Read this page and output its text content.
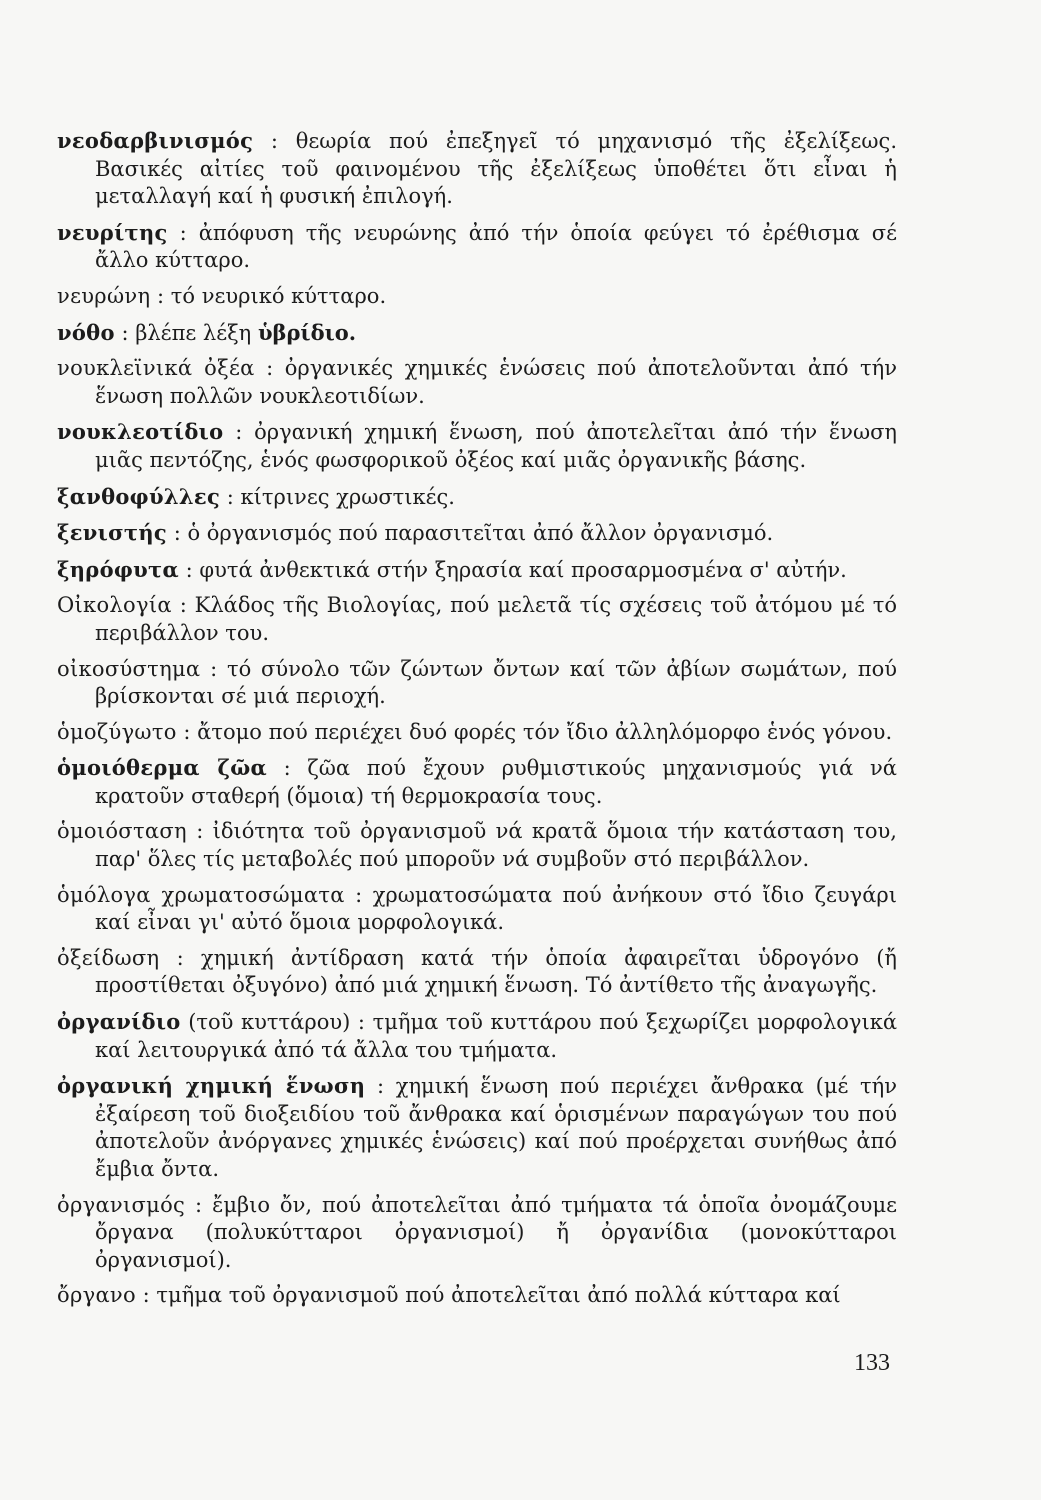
νεοδαρβινισμός : θεωρία πού ἐπεξηγεῖ τό μηχανισμό τῆς ἐξελίξεως. Βασικές αἰτίες τοῦ φαινομένου τῆς ἐξελίξεως ὑποθέτει ὅτι εἶναι ἡ μεταλλαγή καί ἡ φυσική ἐπιλογή.

νευρίτης : ἀπόφυση τῆς νευρώνης ἀπό τήν ὁποία φεύγει τό ἐρέθισμα σέ ἄλλο κύτταρο.

νευρώνη : τό νευρικό κύτταρο.

νόθο : βλέπε λέξη ὑβρίδιο.

νουκλεϊνικά ὀξέα : ὀργανικές χημικές ἑνώσεις πού ἀποτελοῦνται ἀπό τήν ἕνωση πολλῶν νουκλεοτιδίων.

νουκλεοτίδιο : ὀργανική χημική ἕνωση, πού ἀποτελεῖται ἀπό τήν ἕνωση μιᾶς πεντόζης, ἑνός φωσφορικοῦ ὀξέος καί μιᾶς ὀργανικῆς βάσης.

ξανθοφύλλες : κίτρινες χρωστικές.

ξενιστής : ὁ ὀργανισμός πού παρασιτεῖται ἀπό ἄλλον ὀργανισμό.

ξηρόφυτα : φυτά ἀνθεκτικά στήν ξηρασία καί προσαρμοσμένα σ' αὐτήν.

Οἰκολογία : Κλάδος τῆς Βιολογίας, πού μελετᾶ τίς σχέσεις τοῦ ἀτόμου μέ τό περιβάλλον του.

οἰκοσύστημα : τό σύνολο τῶν ζώντων ὄντων καί τῶν ἀβίων σωμάτων, πού βρίσκονται σέ μιά περιοχή.

ὁμοζύγωτο : ἄτομο πού περιέχει δυό φορές τόν ἴδιο ἀλληλόμορφο ἑνός γόνου.

ὁμοιόθερμα ζῶα : ζῶα πού ἔχουν ρυθμιστικούς μηχανισμούς γιά νά κρατοῦν σταθερή (ὅμοια) τή θερμοκρασία τους.

ὁμοιόσταση : ἰδιότητα τοῦ ὀργανισμοῦ νά κρατᾶ ὅμοια τήν κατάσταση του, παρ' ὅλες τίς μεταβολές πού μποροῦν νά συμβοῦν στό περιβάλλον.

ὁμόλογα χρωματοσώματα : χρωματοσώματα πού ἀνήκουν στό ἴδιο ζευγάρι καί εἶναι γι' αὐτό ὅμοια μορφολογικά.

ὀξείδωση : χημική ἀντίδραση κατά τήν ὁποία ἀφαιρεῖται ὑδρογόνο (ἤ προστίθεται ὀξυγόνο) ἀπό μιά χημική ἕνωση. Τό ἀντίθετο τῆς ἀναγωγῆς.

ὀργανίδιο (τοῦ κυττάρου) : τμῆμα τοῦ κυττάρου πού ξεχωρίζει μορφολογικά καί λειτουργικά ἀπό τά ἄλλα του τμήματα.

ὀργανική χημική ἕνωση : χημική ἕνωση πού περιέχει ἄνθρακα (μέ τήν ἐξαίρεση τοῦ διοξειδίου τοῦ ἄνθρακα καί ὁρισμένων παραγώγων του πού ἀποτελοῦν ἀνόργανες χημικές ἑνώσεις) καί πού προέρχεται συνήθως ἀπό ἔμβια ὄντα.

ὀργανισμός : ἔμβιο ὄν, πού ἀποτελεῖται ἀπό τμήματα τά ὁποῖα ὀνομάζουμε ὄργανα (πολυκύτταροι ὀργανισμοί) ἤ ὀργανίδια (μονοκύτταροι ὀργανισμοί).

ὄργανο : τμῆμα τοῦ ὀργανισμοῦ πού ἀποτελεῖται ἀπό πολλά κύτταρα καί

133
